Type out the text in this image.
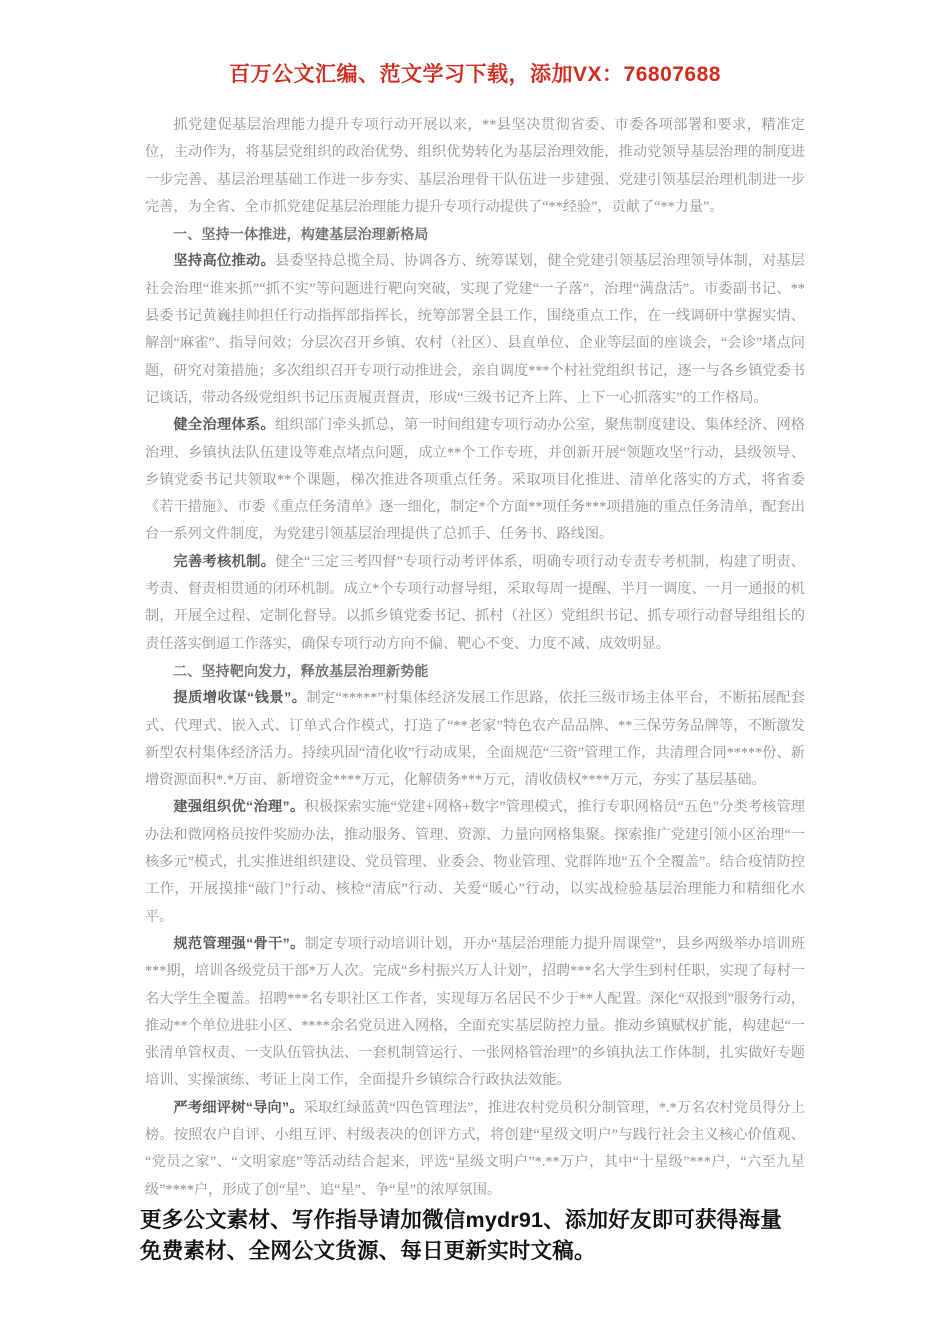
百万公文汇编、范文学习下载，添加VX：76807688

抓党建促基层治理能力提升专项行动开展以来，**县坚决贯彻省委、市委各项部署和要求，精准定位，主动作为，将基层党组织的政治优势、组织优势转化为基层治理效能，推动党领导基层治理的制度进一步完善、基层治理基础工作进一步夯实、基层治理骨干队伍进一步建强、党建引领基层治理机制进一步完善，为全省、全市抓党建促基层治理能力提升专项行动提供了“**经验”，贡献了“**力量”。

一、坚持一体推进，构建基层治理新格局

坚持高位推动。县委坚持总揽全局、协调各方、统筹谋划，健全党建引领基层治理领导体制，对基层社会治理“谁来抓”“抓不实”等问题进行靶向突破，实现了党建“一子落”，治理“满盘活”。市委副书记、**县委书记黄巍挂帅担任行动指挥部指挥长，统筹部署全县工作，围绕重点工作，在一线调研中掌握实情、解剖“麻雀”、指导问效；分层次召开乡镇、农村（社区）、县直单位、企业等层面的座谈会，“会诊”堵点问题，研究对策措施；多次组织召开专项行动推进会，亲自调度***个村社党组织书记，逐一与各乡镇党委书记谈话，带动各级党组织书记压责履责督责，形成“三级书记齐上阵、上下一心抓落实”的工作格局。

健全治理体系。组织部门牵头抓总，第一时间组建专项行动办公室，聚焦制度建设、集体经济、网格治理、乡镇执法队伍建设等难点堵点问题，成立**个工作专班，并创新开展“领题攻坚”行动，县级领导、乡镇党委书记共领取**个课题，梯次推进各项重点任务。采取项目化推进、清单化落实的方式，将省委《若干措施》、市委《重点任务清单》逐一细化，制定*个方面**项任务***项措施的重点任务清单，配套出台一系列文件制度，为党建引领基层治理提供了总抓手、任务书、路线图。

完善考核机制。健全“三定三考四督”专项行动考评体系，明确专项行动专责专考机制，构建了明责、考责、督责相贯通的闭环机制。成立*个专项行动督导组，采取每周一提醒、半月一调度、一月一通报的机制，开展全过程、定制化督导。以抓乡镇党委书记、抓村（社区）党组织书记、抓专项行动督导组组长的责任落实倒逼工作落实，确保专项行动方向不偏、靶心不变、力度不减、成效明显。

二、坚持靶向发力，释放基层治理新势能

提质增收谋“钱景”。制定“*****”村集体经济发展工作思路，依托三级市场主体平台，不断拓展配套式、代理式、嵌入式、订单式合作模式，打造了“**老家”特色农产品品牌、**三保劳务品牌等，不断激发新型农村集体经济活力。持续巩固“清化收”行动成果，全面规范“三资”管理工作，共清理合同*****份、新增资源面积*.*万亩、新增资金****万元，化解债务***万元，清收债权****万元，夯实了基层基础。

建强组织优“治理”。积极探索实施“党建+网格+数字”管理模式，推行专职网格员“五色”分类考核管理办法和微网格员按件奖励办法，推动服务、管理、资源、力量向网格集聚。探索推广党建引领小区治理“一核多元”模式，扎实推进组织建设、党员管理、业委会、物业管理、党群阵地“五个全覆盖”。结合疫情防控工作，开展摸排“敲门”行动、核检“清底”行动、关爱“暖心”行动，以实战检验基层治理能力和精细化水平。

规范管理强“骨干”。制定专项行动培训计划，开办“基层治理能力提升周课堂”，县乡两级举办培训班***期，培训各级党员干部*万人次。完成“乡村振兴万人计划”，招聘***名大学生到村任职，实现了每村一名大学生全覆盖。招聘***名专职社区工作者，实现每万名居民不少于**人配置。深化“双报到”服务行动，推动**个单位进驻小区、****余名党员进入网格，全面充实基层防控力量。推动乡镇赋权扩能，构建起“一张清单管权责、一支队伍管执法、一套机制管运行、一张网格管治理”的乡镇执法工作体制，扎实做好专题培训、实操演练、考证上岗工作，全面提升乡镇综合行政执法效能。

严考细评树“导向”。采取红绿蓝黄“四色管理法”，推进农村党员积分制管理，*.*万名农村党员得分上榜。按照农户自评、小组互评、村级表决的创评方式，将创建“星级文明户”与践行社会主义核心价值观、“党员之家”、“文明家庭”等活动结合起来，评选“星级文明户”*.**万户，其中“十星级”***户，“六至九星级”****户，形成了创“星”、追“星”、争“星”的浓厚氛围。

更多公文素材、写作指导请加微信mydr91、添加好友即可获得海量
免费素材、全网公文货源、每日更新实时文稿。
